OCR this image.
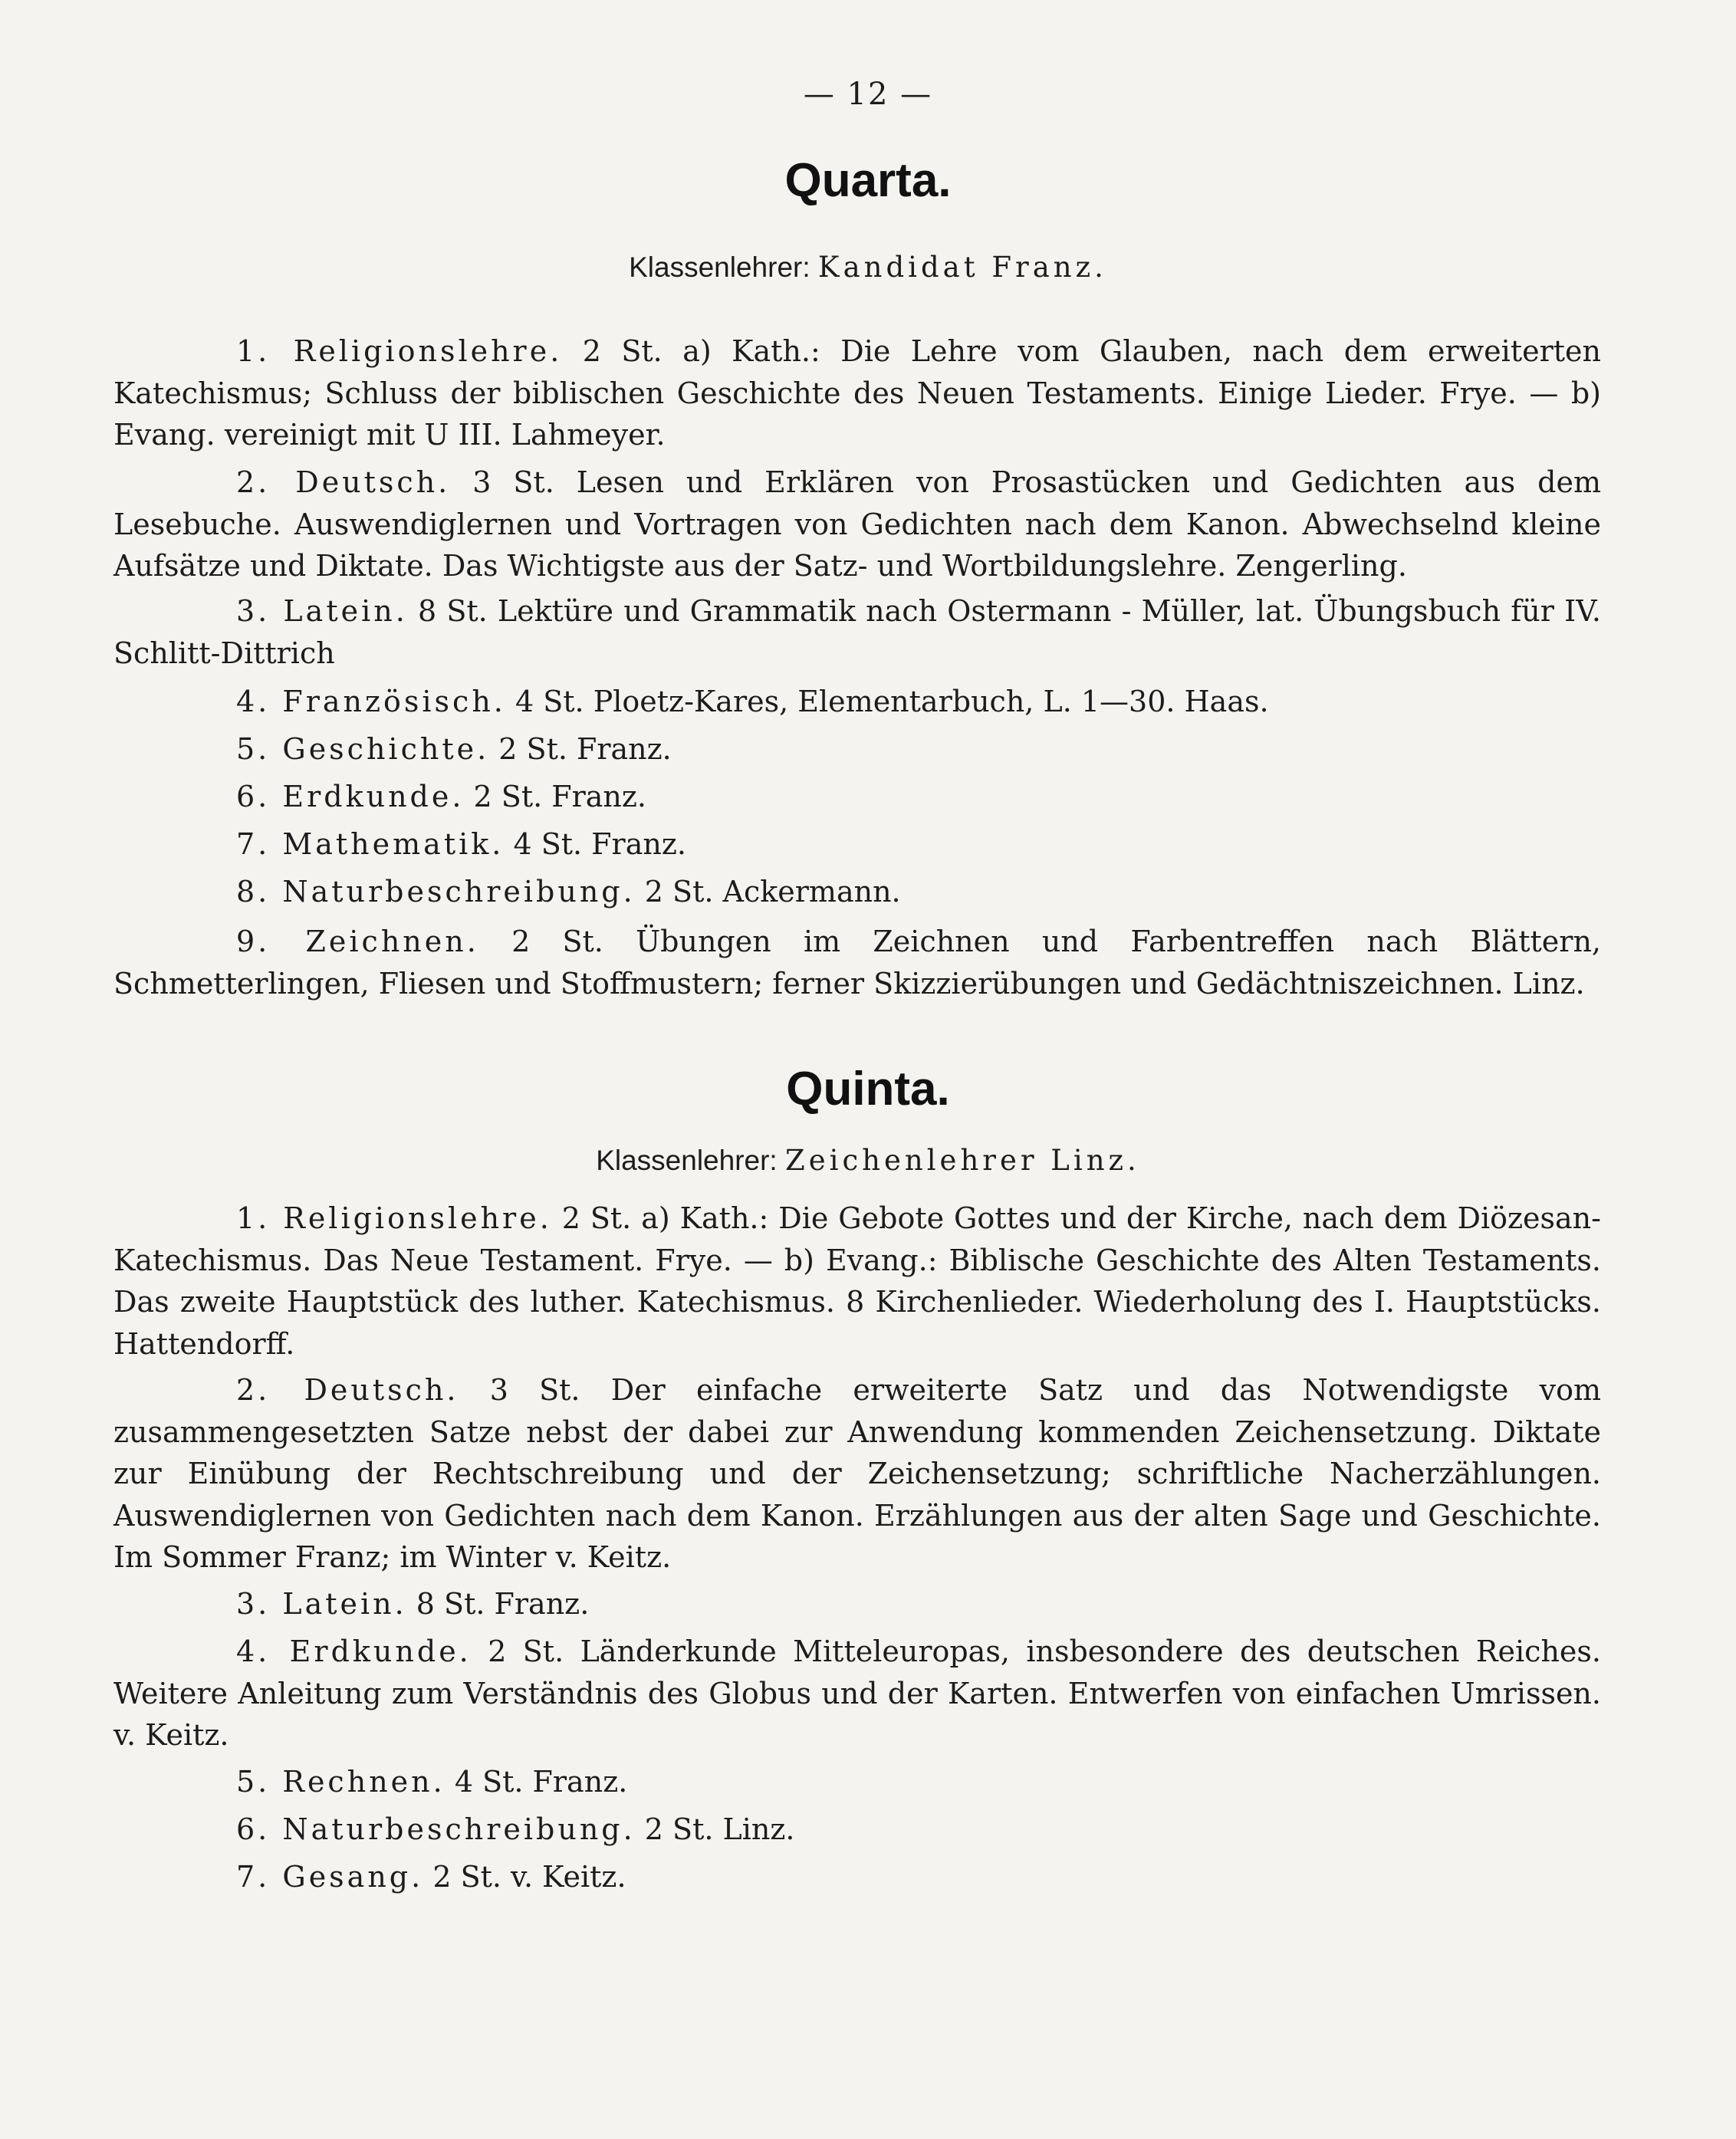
— 12 —
Quarta.
Klassenlehrer: Kandidat Franz.
1. Religionslehre. 2 St. a) Kath.: Die Lehre vom Glauben, nach dem erweiterten Katechismus; Schluss der biblischen Geschichte des Neuen Testaments. Einige Lieder. Frye. — b) Evang. vereinigt mit U III. Lahmeyer.
2. Deutsch. 3 St. Lesen und Erklären von Prosastücken und Gedichten aus dem Lesebuche. Auswendiglernen und Vortragen von Gedichten nach dem Kanon. Abwechselnd kleine Aufsätze und Diktate. Das Wichtigste aus der Satz- und Wortbildungslehre. Zengerling.
3. Latein. 8 St. Lektüre und Grammatik nach Ostermann - Müller, lat. Übungsbuch für IV. Schlitt-Dittrich
4. Französisch. 4 St. Ploetz-Kares, Elementarbuch, L. 1—30. Haas.
5. Geschichte. 2 St. Franz.
6. Erdkunde. 2 St. Franz.
7. Mathematik. 4 St. Franz.
8. Naturbeschreibung. 2 St. Ackermann.
9. Zeichnen. 2 St. Übungen im Zeichnen und Farbentreffen nach Blättern, Schmetterlingen, Fliesen und Stoffmustern; ferner Skizzierübungen und Gedächtniszeichnen. Linz.
Quinta.
Klassenlehrer: Zeichenlehrer Linz.
1. Religionslehre. 2 St. a) Kath.: Die Gebote Gottes und der Kirche, nach dem Diözesan-Katechismus. Das Neue Testament. Frye. — b) Evang.: Biblische Geschichte des Alten Testaments. Das zweite Hauptstück des luther. Katechismus. 8 Kirchenlieder. Wiederholung des I. Hauptstücks. Hattendorff.
2. Deutsch. 3 St. Der einfache erweiterte Satz und das Notwendigste vom zusammengesetzten Satze nebst der dabei zur Anwendung kommenden Zeichensetzung. Diktate zur Einübung der Rechtschreibung und der Zeichensetzung; schriftliche Nacherzählungen. Auswendiglernen von Gedichten nach dem Kanon. Erzählungen aus der alten Sage und Geschichte. Im Sommer Franz; im Winter v. Keitz.
3. Latein. 8 St. Franz.
4. Erdkunde. 2 St. Länderkunde Mitteleuropas, insbesondere des deutschen Reiches. Weitere Anleitung zum Verständnis des Globus und der Karten. Entwerfen von einfachen Umrissen. v. Keitz.
5. Rechnen. 4 St. Franz.
6. Naturbeschreibung. 2 St. Linz.
7. Gesang. 2 St. v. Keitz.
